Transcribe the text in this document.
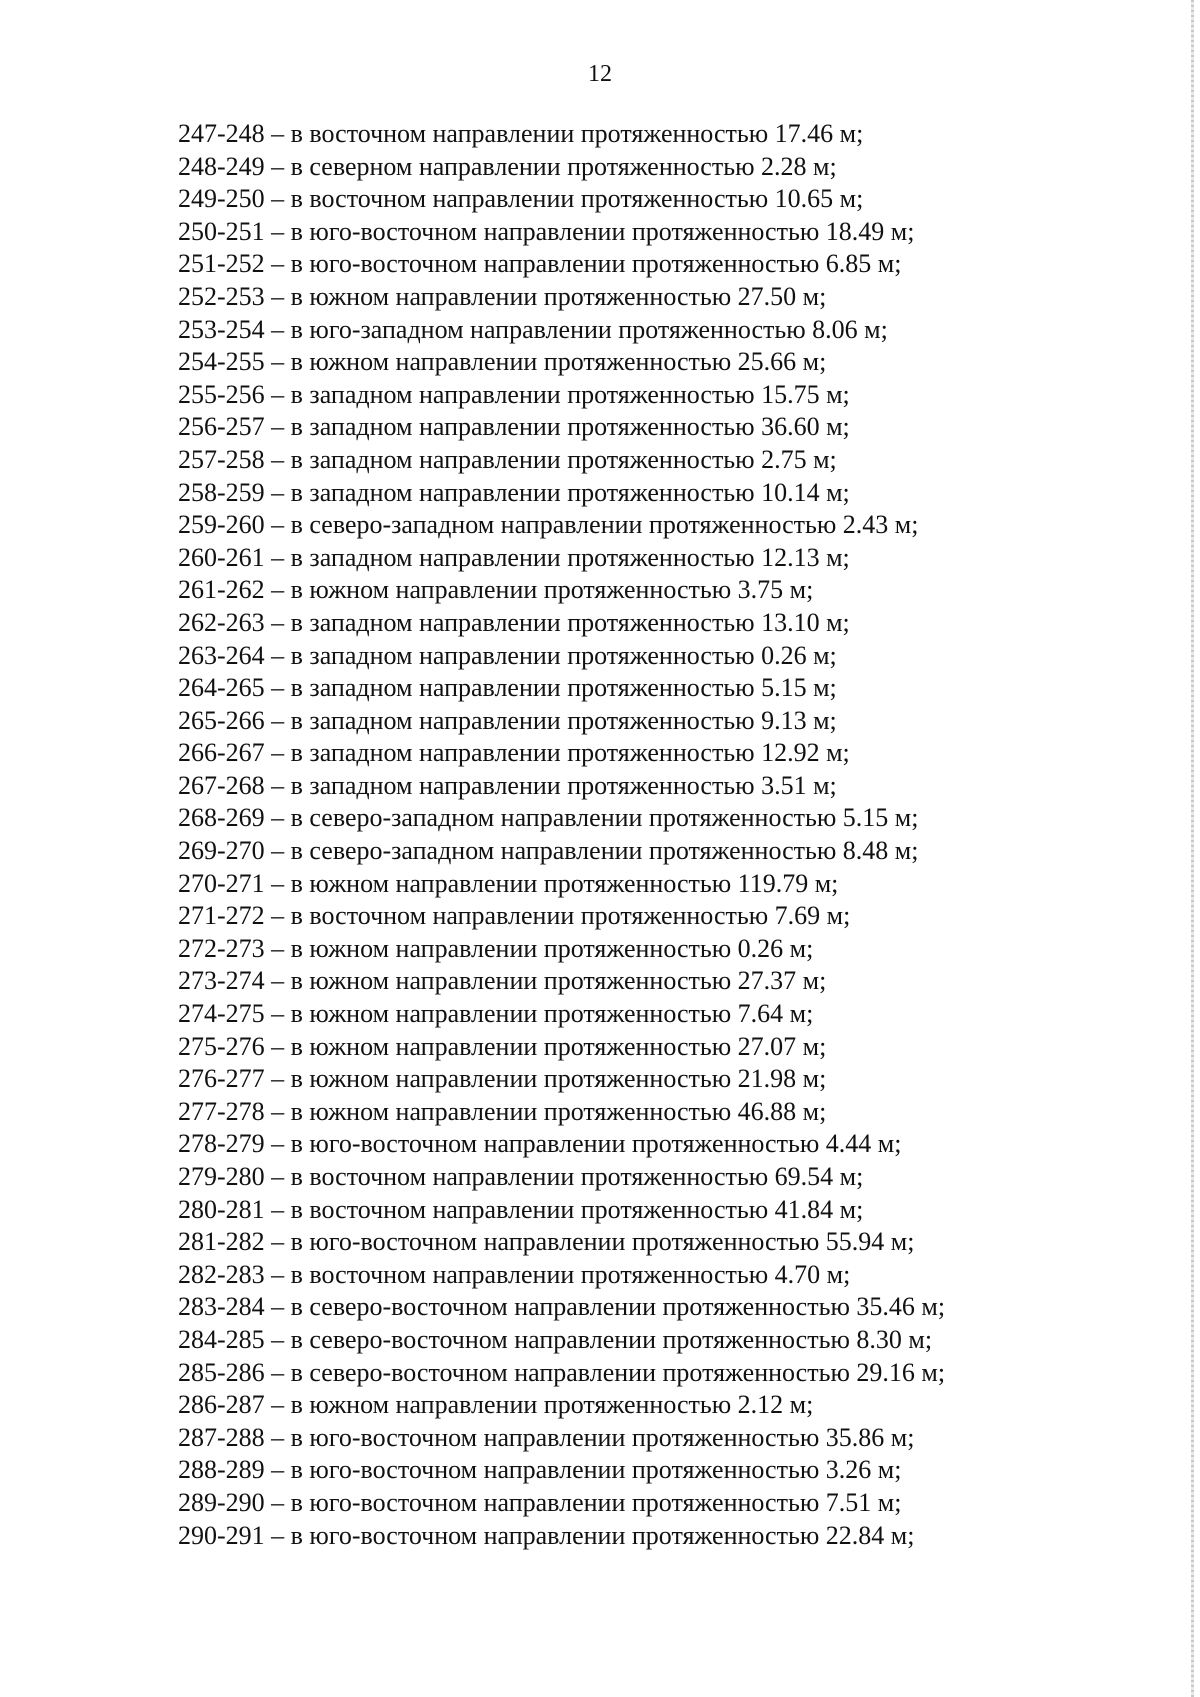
12
247-248 – в восточном направлении протяженностью 17.46 м;
248-249 – в северном направлении протяженностью 2.28 м;
249-250 – в восточном направлении протяженностью 10.65 м;
250-251 – в юго-восточном направлении протяженностью 18.49 м;
251-252 – в юго-восточном направлении протяженностью 6.85 м;
252-253 – в южном направлении протяженностью 27.50 м;
253-254 – в юго-западном направлении протяженностью 8.06 м;
254-255 – в южном направлении протяженностью 25.66 м;
255-256 – в западном направлении протяженностью 15.75 м;
256-257 – в западном направлении протяженностью 36.60 м;
257-258 – в западном направлении протяженностью 2.75 м;
258-259 – в западном направлении протяженностью 10.14 м;
259-260 – в северо-западном направлении протяженностью 2.43 м;
260-261 – в западном направлении протяженностью 12.13 м;
261-262 – в южном направлении протяженностью 3.75 м;
262-263 – в западном направлении протяженностью 13.10 м;
263-264 – в западном направлении протяженностью 0.26 м;
264-265 – в западном направлении протяженностью 5.15 м;
265-266 – в западном направлении протяженностью 9.13 м;
266-267 – в западном направлении протяженностью 12.92 м;
267-268 – в западном направлении протяженностью 3.51 м;
268-269 – в северо-западном направлении протяженностью 5.15 м;
269-270 – в северо-западном направлении протяженностью 8.48 м;
270-271 – в южном направлении протяженностью 119.79 м;
271-272 – в восточном направлении протяженностью 7.69 м;
272-273 – в южном направлении протяженностью 0.26 м;
273-274 – в южном направлении протяженностью 27.37 м;
274-275 – в южном направлении протяженностью 7.64 м;
275-276 – в южном направлении протяженностью 27.07 м;
276-277 – в южном направлении протяженностью 21.98 м;
277-278 – в южном направлении протяженностью 46.88 м;
278-279 – в юго-восточном направлении протяженностью 4.44 м;
279-280 – в восточном направлении протяженностью 69.54 м;
280-281 – в восточном направлении протяженностью 41.84 м;
281-282 – в юго-восточном направлении протяженностью 55.94 м;
282-283 – в восточном направлении протяженностью 4.70 м;
283-284 – в северо-восточном направлении протяженностью 35.46 м;
284-285 – в северо-восточном направлении протяженностью 8.30 м;
285-286 – в северо-восточном направлении протяженностью 29.16 м;
286-287 – в южном направлении протяженностью 2.12 м;
287-288 – в юго-восточном направлении протяженностью 35.86 м;
288-289 – в юго-восточном направлении протяженностью 3.26 м;
289-290 – в юго-восточном направлении протяженностью 7.51 м;
290-291 – в юго-восточном направлении протяженностью 22.84 м;
